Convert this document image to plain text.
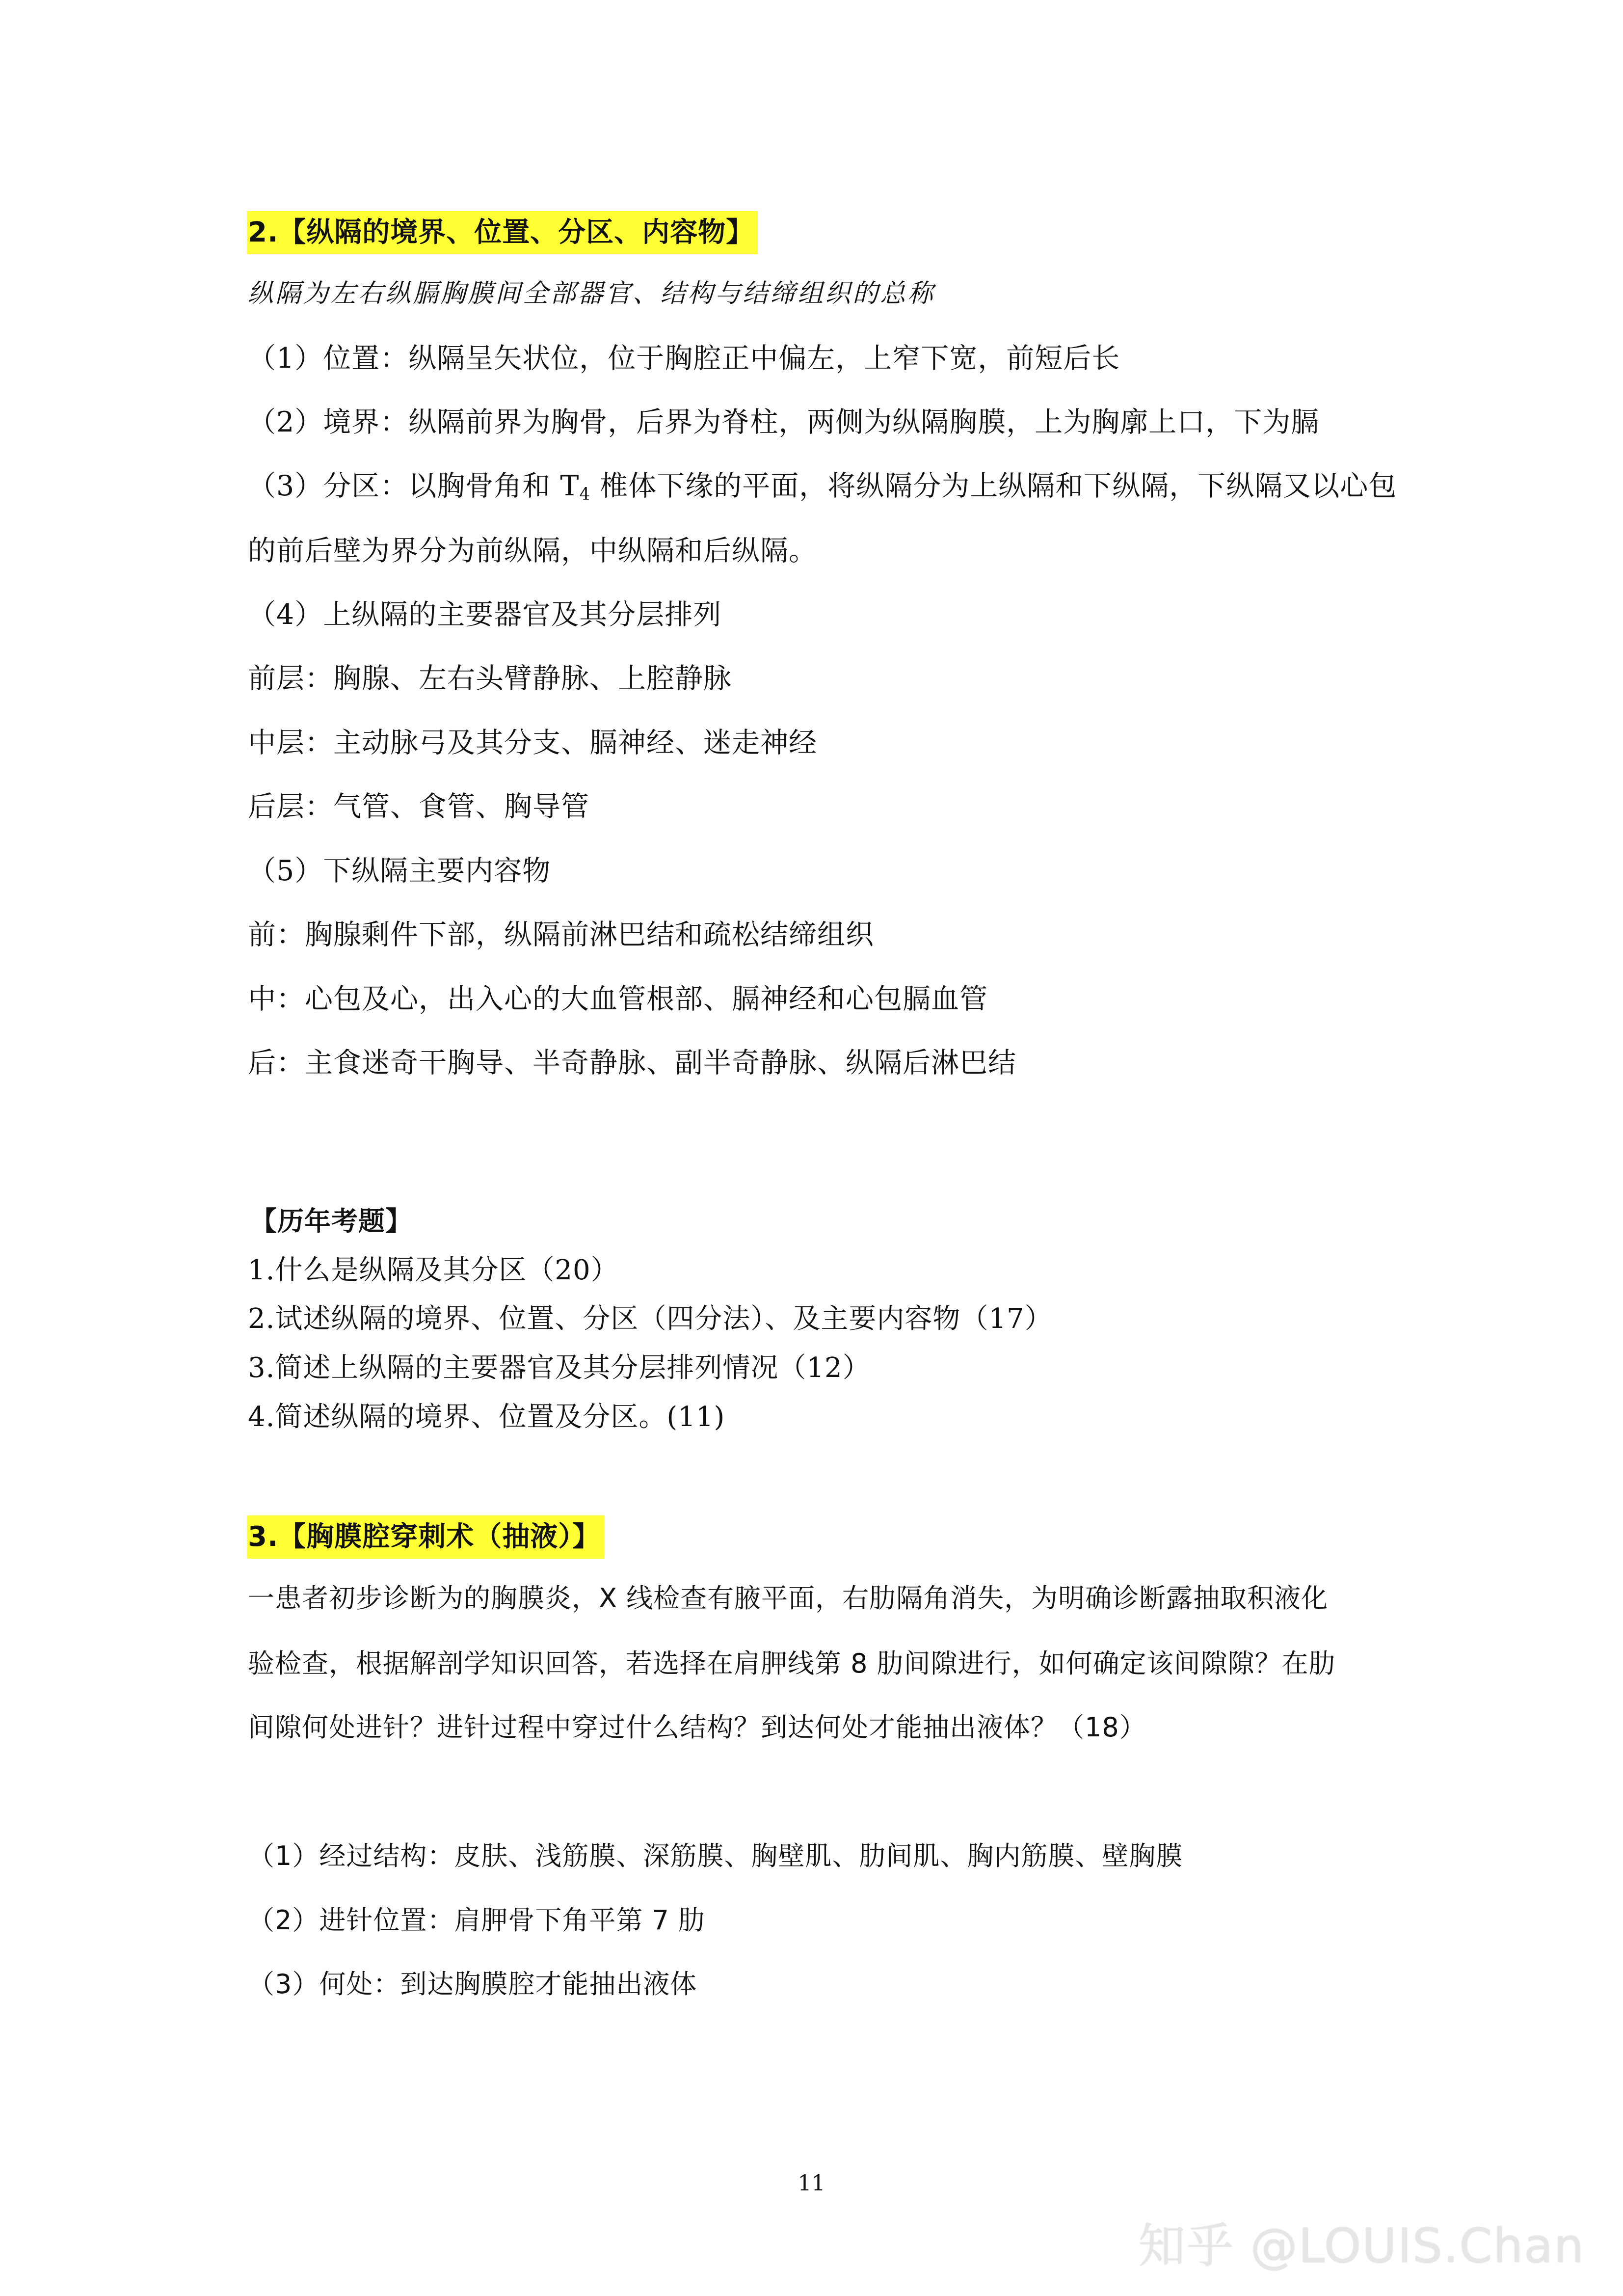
2.【纵隔的境界、位置、分区、内容物】
纵隔为左右纵膈胸膜间全部器官、结构与结缔组织的总称
（1）位置：纵隔呈矢状位，位于胸腔正中偏左，上窄下宽，前短后长
（2）境界：纵隔前界为胸骨，后界为脊柱，两侧为纵隔胸膜，上为胸廓上口，下为膈
（3）分区：以胸骨角和 $T_4$ 椎体下缘的平面，将纵隔分为上纵隔和下纵隔，下纵隔又以心包
的前后壁为界分为前纵隔，中纵隔和后纵隔。
（4）上纵隔的主要器官及其分层排列
前层：胸腺、左右头臂静脉、上腔静脉
中层：主动脉弓及其分支、膈神经、迷走神经
后层：气管、食管、胸导管
（5）下纵隔主要内容物
前：胸腺剩件下部，纵隔前淋巴结和疏松结缔组织
中：心包及心，出入心的大血管根部、膈神经和心包膈血管
后：主食迷奇干胸导、半奇静脉、副半奇静脉、纵隔后淋巴结
【历年考题】
1.什么是纵隔及其分区（20）
2.试述纵隔的境界、位置、分区（四分法）、及主要内容物（17）
3.简述上纵隔的主要器官及其分层排列情况（12）
4.简述纵隔的境界、位置及分区。(11)
3.【胸膜腔穿刺术（抽液）】
一患者初步诊断为的胸膜炎，X 线检查有腋平面，右肋隔角消失，为明确诊断露抽取积液化
验检查，根据解剖学知识回答，若选择在肩胛线第 8 肋间隙进行，如何确定该间隙隙？在肋
间隙何处进针？进针过程中穿过什么结构？到达何处才能抽出液体？（18）
（1）经过结构：皮肤、浅筋膜、深筋膜、胸壁肌、肋间肌、胸内筋膜、壁胸膜
（2）进针位置：肩胛骨下角平第 7 肋
（3）何处：到达胸膜腔才能抽出液体
11
知乎 @LOUIS.Chan
